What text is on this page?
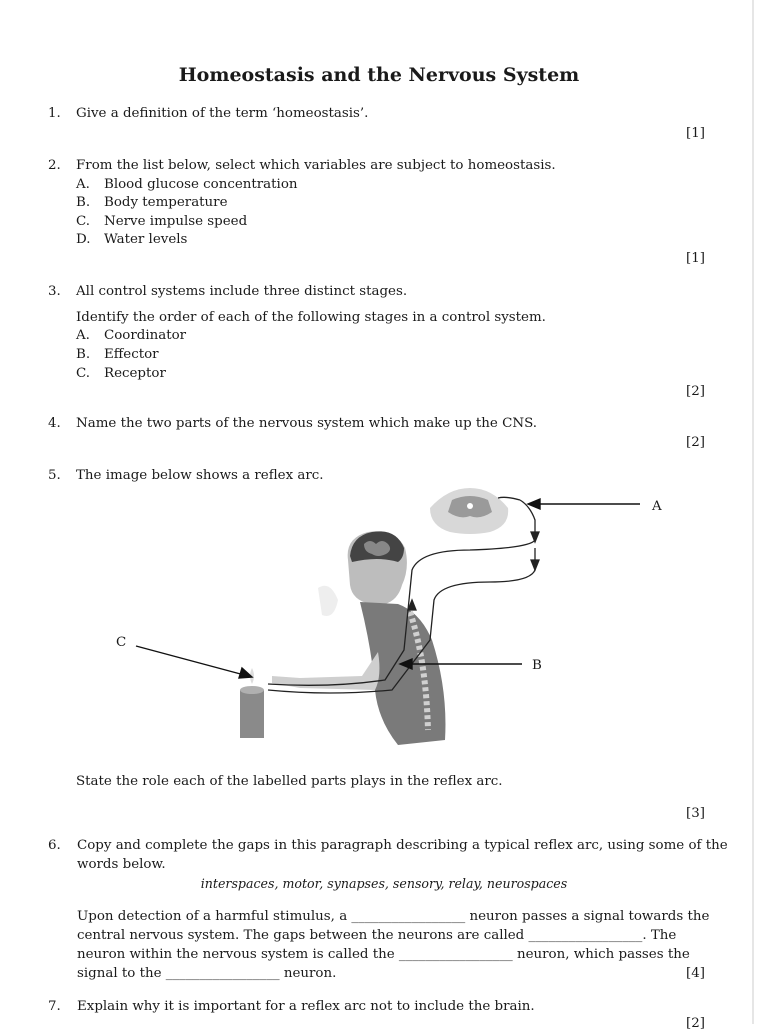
Homeostasis and the Nervous System
1. Give a definition of the term ‘homeostasis’.
[1]
2. From the list below, select which variables are subject to homeostasis.
A. Blood glucose concentration
B. Body temperature
C. Nerve impulse speed
D. Water levels
[1]
3. All control systems include three distinct stages.
Identify the order of each of the following stages in a control system.
A. Coordinator
B. Effector
C. Receptor
[2]
4. Name the two parts of the nervous system which make up the CNS.
[2]
5. The image below shows a reflex arc.
A
B
C
State the role each of the labelled parts plays in the reflex arc.
[3]
6. Copy and complete the gaps in this paragraph describing a typical reflex arc, using some of the
words below.
interspaces, motor, synapses, sensory, relay, neurospaces
Upon detection of a harmful stimulus, a _________________ neuron passes a signal towards the
central nervous system. The gaps between the neurons are called _________________. The
neuron within the nervous system is called the _________________ neuron, which passes the
signal to the _________________ neuron.	[4]
7. Explain why it is important for a reflex arc not to include the brain.
[2]
